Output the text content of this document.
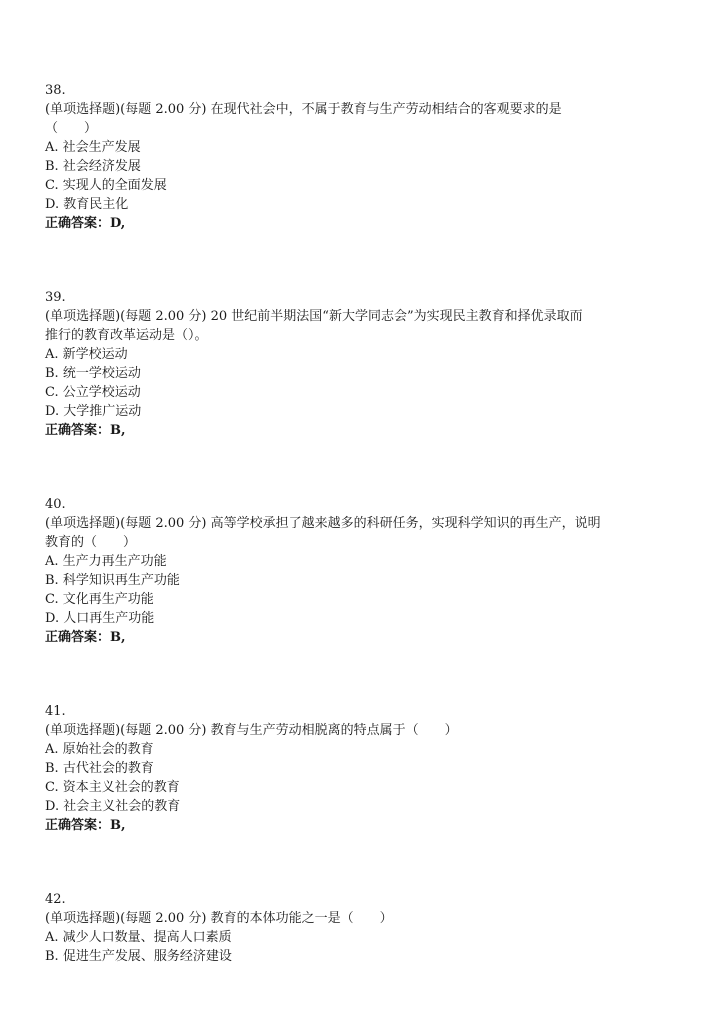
38.

(单项选择题)(每题 2.00 分) 在现代社会中，不属于教育与生产劳动相结合的客观要求的是

（　　）

A. 社会生产发展

B. 社会经济发展

C. 实现人的全面发展

D. 教育民主化

正确答案：D,

39.

(单项选择题)(每题 2.00 分) 20 世纪前半期法国“新大学同志会”为实现民主教育和择优录取而

推行的教育改革运动是（）。

A. 新学校运动

B. 统一学校运动

C. 公立学校运动

D. 大学推广运动

正确答案：B,

40.

(单项选择题)(每题 2.00 分) 高等学校承担了越来越多的科研任务，实现科学知识的再生产，说明

教育的（　　）

A. 生产力再生产功能

B. 科学知识再生产功能

C. 文化再生产功能

D. 人口再生产功能

正确答案：B,

41.

(单项选择题)(每题 2.00 分) 教育与生产劳动相脱离的特点属于（　　）

A. 原始社会的教育

B. 古代社会的教育

C. 资本主义社会的教育

D. 社会主义社会的教育

正确答案：B,

42.

(单项选择题)(每题 2.00 分) 教育的本体功能之一是（　　）

A. 减少人口数量、提高人口素质

B. 促进生产发展、服务经济建设
